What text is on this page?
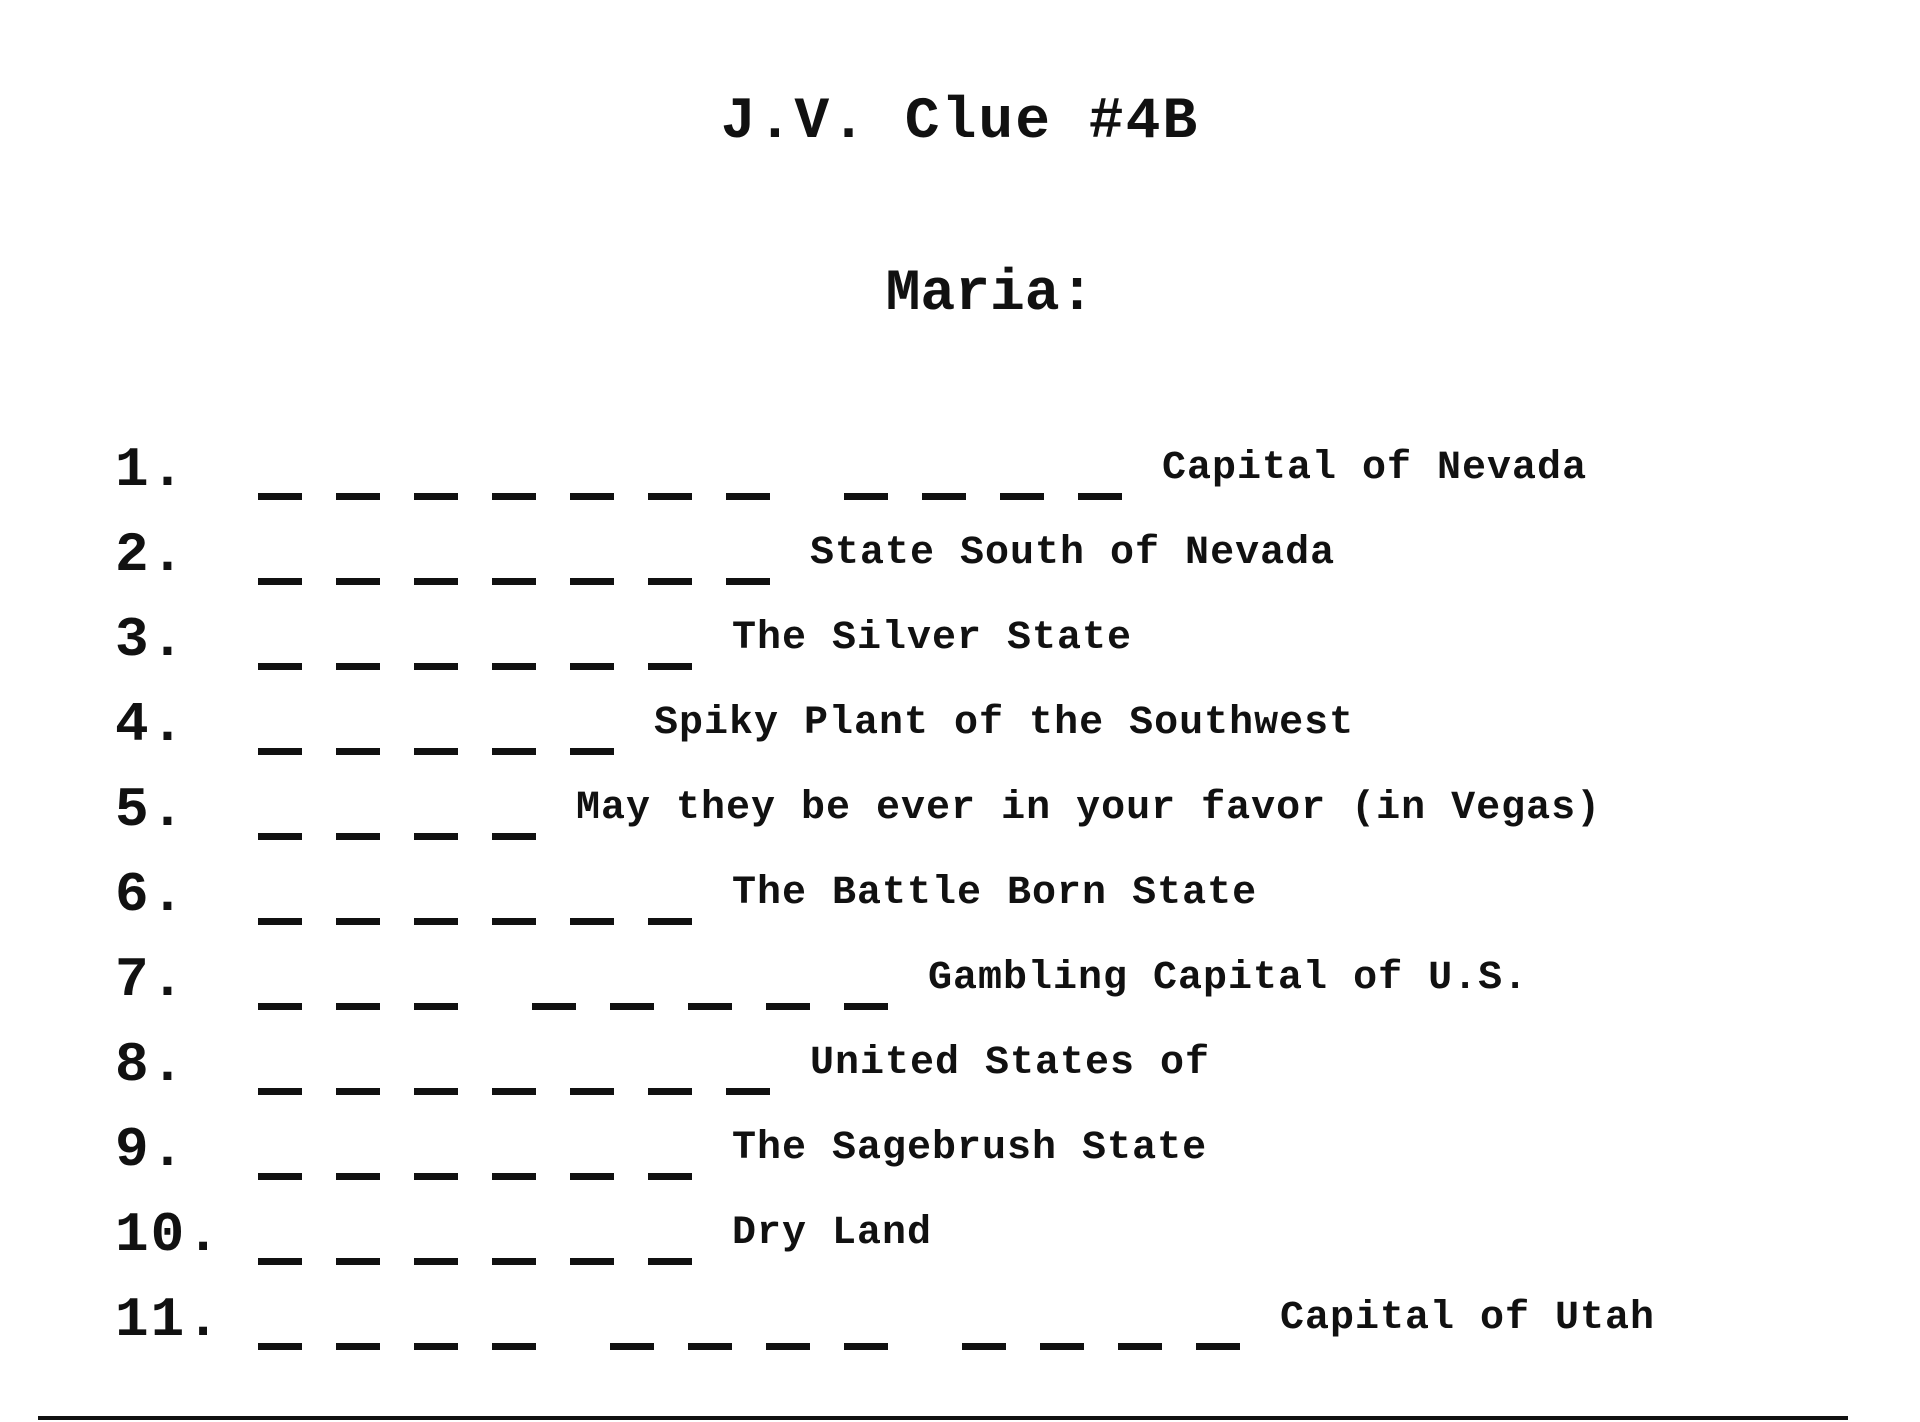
J.V. Clue #4B
Maria:
1.	Capital of Nevada
2.	State South of Nevada
3.	The Silver State
4.	Spiky Plant of the Southwest
5.	May they be ever in your favor (in Vegas)
6.	The Battle Born State
7.	Gambling Capital of U.S.
8.	United States of
9.	The Sagebrush State
10.	Dry Land
11.	Capital of Utah
